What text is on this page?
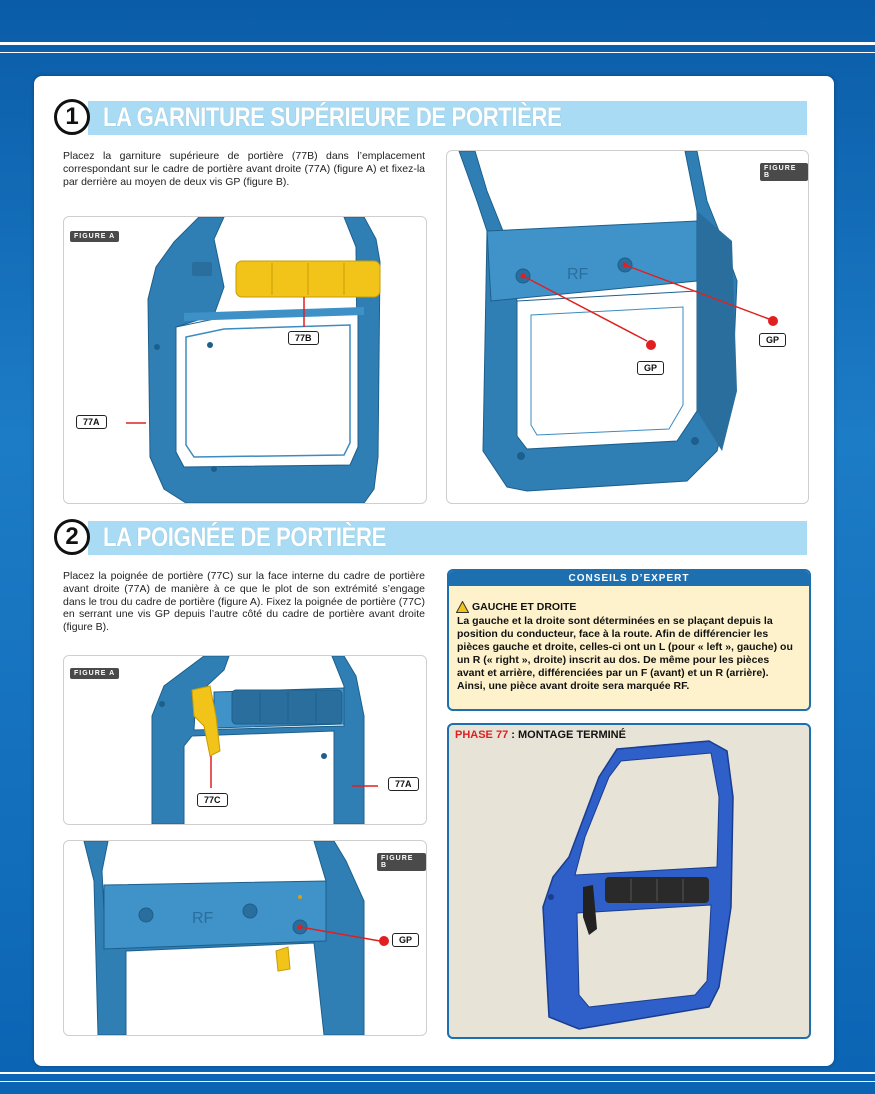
1 LA GARNITURE SUPÉRIEURE DE PORTIÈRE
Placez la garniture supérieure de portière (77B) dans l’emplacement correspondant sur le cadre de portière avant droite (77A) (figure A) et fixez-la par derrière au moyen de deux vis GP (figure B).
FIGURE A
77B
77A
FIGURE B
RF
GP
GP
2 LA POIGNÉE DE PORTIÈRE
Placez la poignée de portière (77C) sur la face interne du cadre de portière avant droite (77A) de manière à ce que le plot de son extrémité s’engage dans le trou du cadre de portière (figure A). Fixez la poignée de portière (77C) en serrant une vis GP depuis l’autre côté du cadre de portière avant droite (figure B).
FIGURE A
77C
77A
FIGURE B
RF
GP
CONSEILS D’EXPERT
GAUCHE ET DROITE
La gauche et la droite sont déterminées en se plaçant depuis la position du conducteur, face à la route. Afin de différencier les pièces gauche et droite, celles-ci ont un L (pour « left », gauche) ou un R (« right », droite) inscrit au dos. De même pour les pièces avant et arrière, différenciées par un F (avant) et un R (arrière). Ainsi, une pièce avant droite sera marquée RF.
PHASE 77 : MONTAGE TERMINÉ
